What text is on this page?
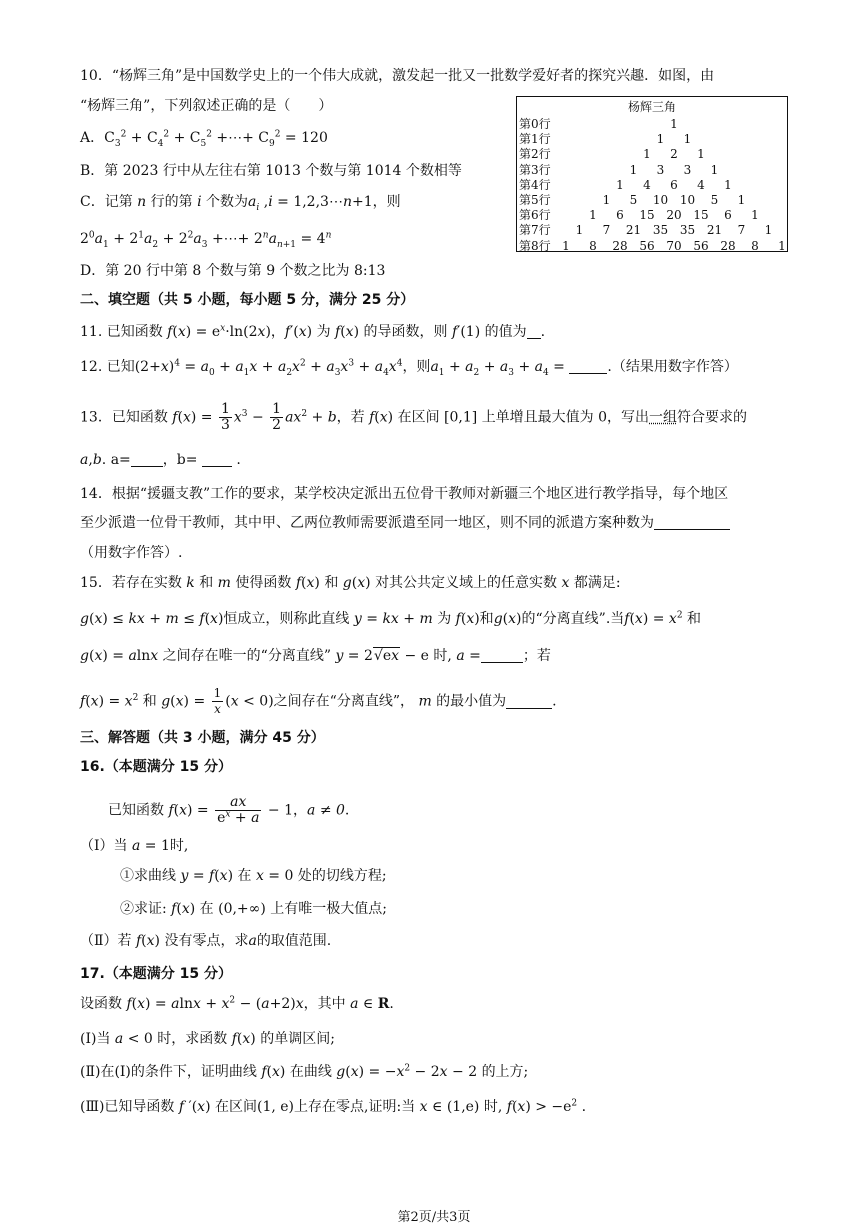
10．“杨辉三角”是中国数学史上的一个伟大成就，激发起一批又一批数学爱好者的探究兴趣．如图，由
“杨辉三角”，下列叙述正确的是（　　）
A．$C_3^2 + C_4^2 + C_5^2$ +⋯+ $C_9^2 = 120$
B．第 2023 行中从左往右第 1013 个数与第 1014 个数相等
C．记第 n 行的第 i 个数为$a_i$ ,i = 1,2,3⋯n+1，则
$2^0a_1 + 2^1a_2 + 2^2a_3$ +⋯+ $2^na_{n+1} = 4^n$
D．第 20 行中第 8 个数与第 9 个数之比为 8:13
杨辉三角
第0行	1
第1行	1	1
第2行	1	2	1
第3行	1	3	3	1
第4行	1	4	6	4	1
第5行	1	5	10 10	5	1
第6行	1	6	15 20 15	6	1
第7行	1	7	21 35 35 21	7	1
第8行 1	8	28 56 70 56 28	8	1
二、填空题（共 5 小题，每小题 5 分，满分 25 分）
11. 已知函数 $f(x) = e^x\cdot\ln(2x)$，f′(x) 为 f(x) 的导函数，则 f′(1) 的值为 .
12. 已知$(2+x)^4 = a_0 + a_1x + a_2x^2 + a_3x^3 + a_4x^4$，则$a_1 + a_2 + a_3 + a_4$ =	.（结果用数字作答）
13．已知函数 $f(x) = \frac{1}{3} x^3 - \frac{1}{2} ax^2 + b$，若 f(x) 在区间 [0,1] 上单增且最大值为 0，写出一组符合要求的
a,b. a= ，b=  .
14．根据“援疆支教”工作的要求，某学校决定派出五位骨干教师对新疆三个地区进行教学指导，每个地区
至少派遣一位骨干教师，其中甲、乙两位教师需要派遣至同一地区，则不同的派遣方案种数为
（用数字作答）.
15．若存在实数 k 和 m 使得函数 f(x) 和 g(x) 对其公共定义域上的任意实数 x 都满足:
g(x) ≤ kx + m ≤ f(x)恒成立，则称此直线 y = kx + m 为 f(x)和g(x)的“分离直线”.当$f(x) = x^2$ 和
g(x) = alnx 之间存在唯一的“分离直线” y = 2√ex − e 时, a =	；若
$f(x) = x^2$ 和 $g(x) = \frac{1}{x} (x < 0)$之间存在“分离直线”， m 的最小值为	.
三、解答题（共 3 小题，满分 45 分）
16.（本题满分 15 分）
已知函数 $f(x) = \frac{ax}{e^x + a} - 1$，a ≠ 0.
（Ⅰ）当 a = 1时,
①求曲线 y = f(x) 在 x = 0 处的切线方程;
②求证: f(x) 在 (0,+∞) 上有唯一极大值点;
（Ⅱ）若 f(x) 没有零点，求a的取值范围.
17.（本题满分 15 分）
设函数 $f(x) = alnx + x^2 - (a+2)x$，其中 a ∈ R.
(Ⅰ)当 a < 0 时，求函数 f(x) 的单调区间;
(Ⅱ)在(Ⅰ)的条件下，证明曲线 f(x) 在曲线 $g(x) = -x^2 - 2x - 2$ 的上方;
(Ⅲ)已知导函数 f ′(x) 在区间(1, e)上存在零点,证明:当 x ∈ (1,e) 时, $f(x) > -e^2$ .
第2页/共3页
